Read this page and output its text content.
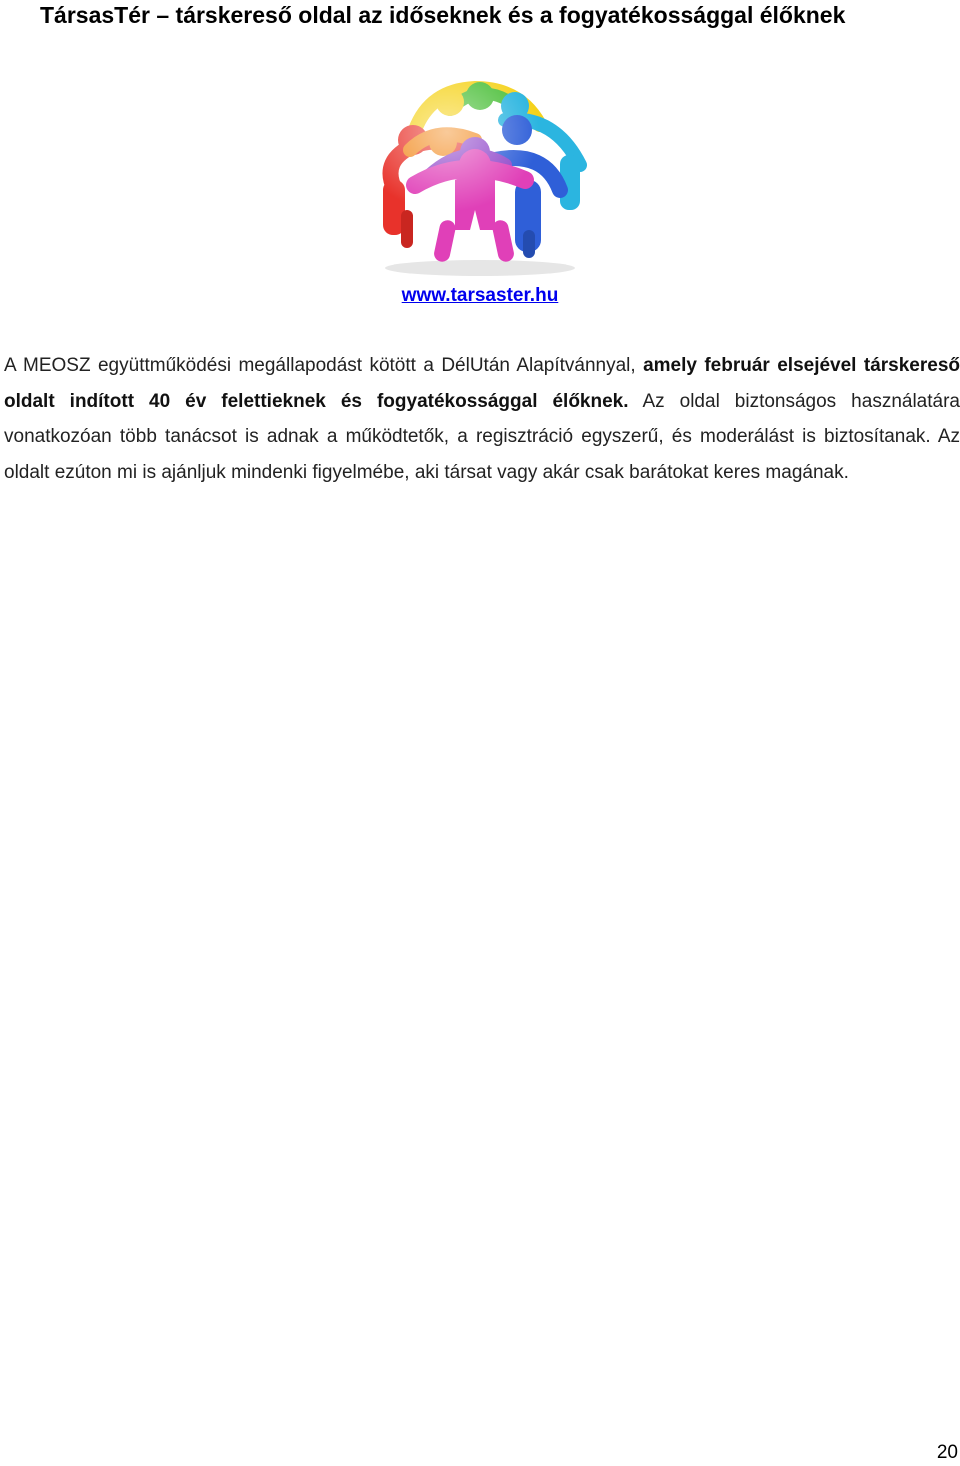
TársasTér – társkereső oldal az időseknek és a fogyatékossággal élőknek
www.tarsaster.hu

A MEOSZ együttműködési megállapodást kötött a DélUtán Alapítvánnyal, amely február elsejével társkereső oldalt indított 40 év felettieknek és fogyatékossággal élőknek. Az oldal biztonságos használatára vonatkozóan több tanácsot is adnak a működtetők, a regisztráció egyszerű, és moderálást is biztosítanak. Az oldalt ezúton mi is ajánljuk mindenki figyelmébe, aki társat vagy akár csak barátokat keres magának.

20
